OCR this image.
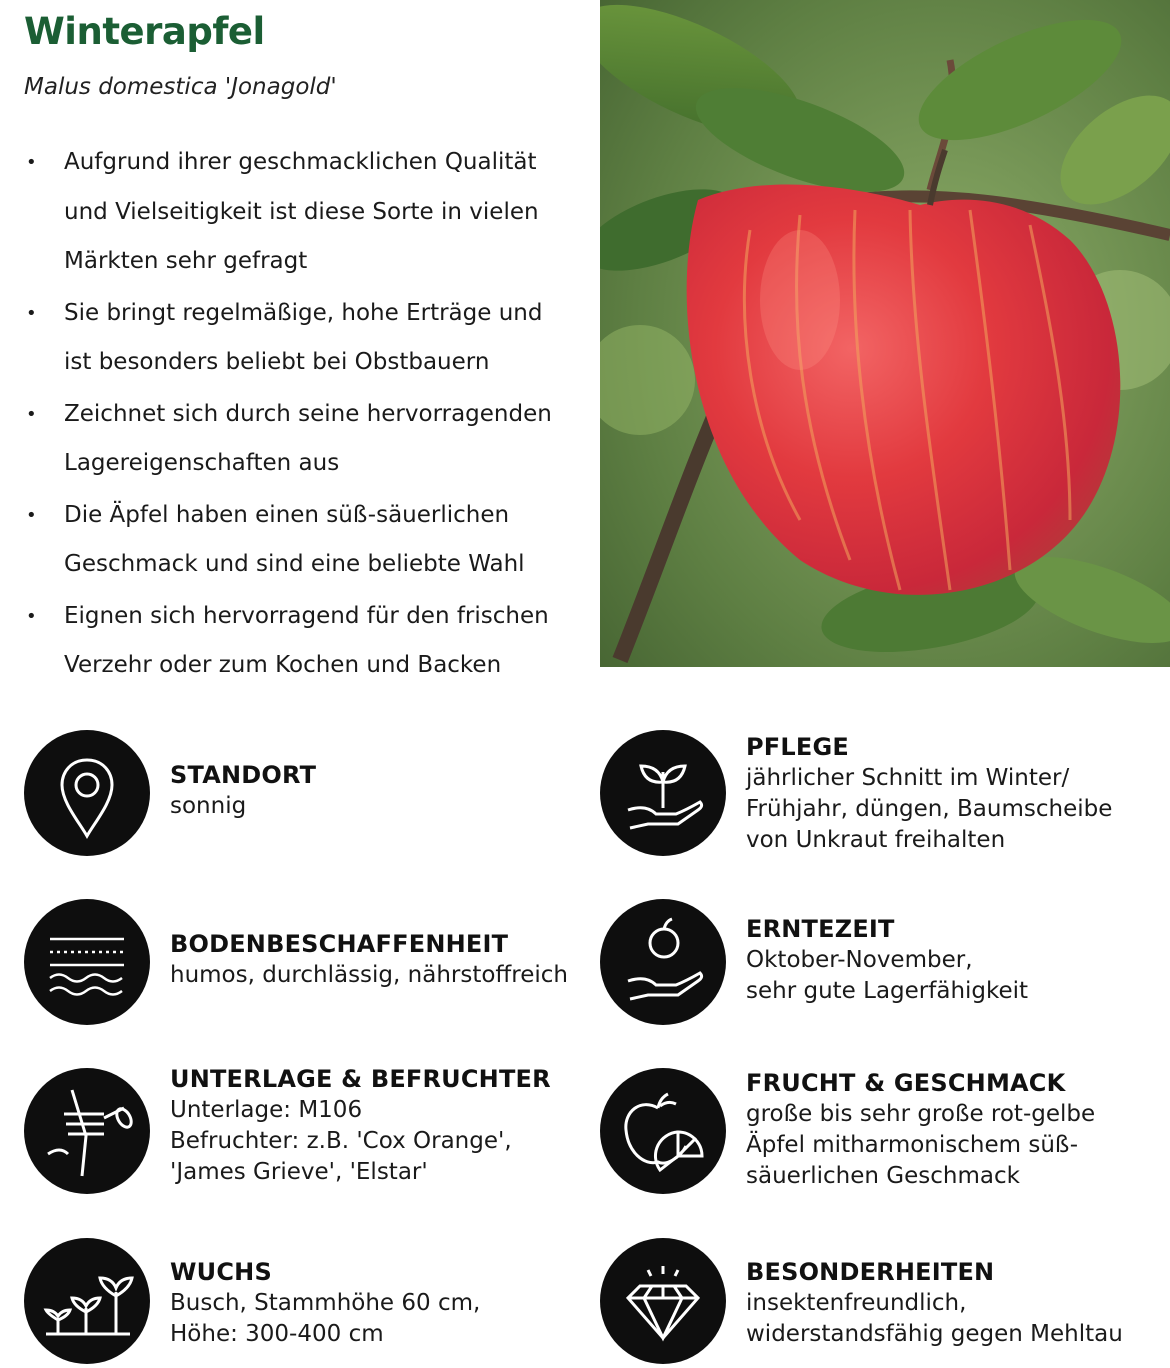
Winterapfel
Malus domestica 'Jonagold'
• Aufgrund ihrer geschmacklichen Qualität
und Vielseitigkeit ist diese Sorte in vielen
Märkten sehr gefragt
• Sie bringt regelmäßige, hohe Erträge und
ist besonders beliebt bei Obstbauern
• Zeichnet sich durch seine hervorragenden
Lagereigenschaften aus
• Die Äpfel haben einen süß-säuerlichen
Geschmack und sind eine beliebte Wahl
• Eignen sich hervorragend für den frischen
Verzehr oder zum Kochen und Backen
STANDORT
sonnig
BODENBESCHAFFENHEIT
humos, durchlässig, nährstoffreich
UNTERLAGE & BEFRUCHTER
Unterlage: M106
Befruchter: z.B. 'Cox Orange',
'James Grieve', 'Elstar'
WUCHS
Busch, Stammhöhe 60 cm,
Höhe: 300-400 cm
PFLEGE
jährlicher Schnitt im Winter/
Frühjahr, düngen, Baumscheibe
von Unkraut freihalten
ERNTEZEIT
Oktober-November,
sehr gute Lagerfähigkeit
FRUCHT & GESCHMACK
große bis sehr große rot-gelbe
Äpfel mitharmonischem süß-
säuerlichen Geschmack
BESONDERHEITEN
insektenfreundlich,
widerstandsfähig gegen Mehltau
